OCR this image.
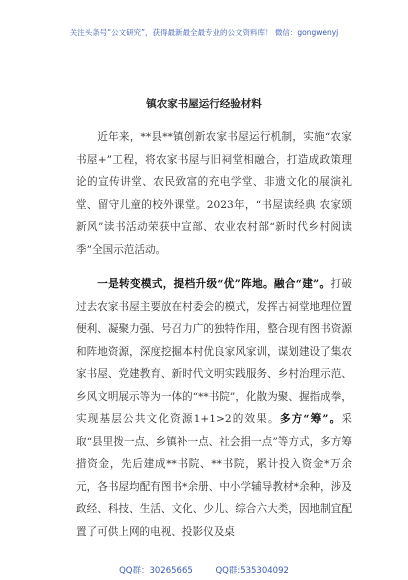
关注头条号“公文研究”，获得最新最全最专业的公文资料库！ 微信：gongwenyj
镇农家书屋运行经验材料

近年来，**县**镇创新农家书屋运行机制，实施“农家书屋+”工程，将农家书屋与旧祠堂相融合，打造成政策理论的宣传讲堂、农民致富的充电学堂、非遗文化的展演礼堂、留守儿童的校外课堂。2023年，“书屋读经典 农家颂新风”读书活动荣获中宣部、农业农村部“新时代乡村阅读季”全国示范活动。

一是转变模式，提档升级“优”阵地。融合“建”。打破过去农家书屋主要放在村委会的模式，发挥古祠堂地理位置便利、凝聚力强、号召力广的独特作用，整合现有图书资源和阵地资源，深度挖掘本村优良家风家训，谋划建设了集农家书屋、党建教育、新时代文明实践服务、乡村治理示范、乡风文明展示等为一体的“**书院”，化散为聚、握指成拳，实现基层公共文化资源1+1>2的效果。多方“筹”。采取“县里拨一点、乡镇补一点、社会捐一点”等方式，多方筹措资金，先后建成**书院、**书院，累计投入资金*万余元，各书屋均配有图书*余册、中小学辅导教材*余种，涉及政经、科技、生活、文化、少儿、综合六大类，因地制宜配置了可供上网的电视、投影仪及桌

QQ群：30265665	QQ群:535304092
